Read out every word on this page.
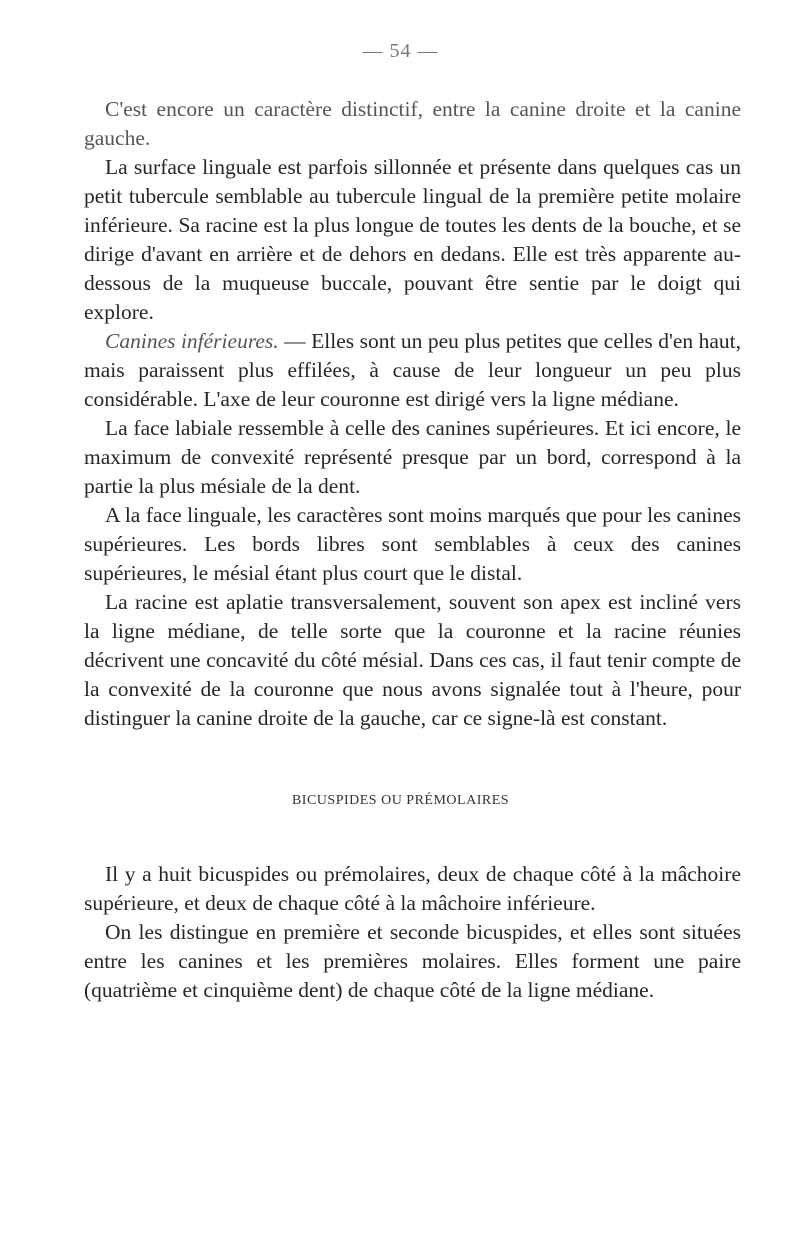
— 54 —

C'est encore un caractère distinctif, entre la canine droite et la canine gauche.

La surface linguale est parfois sillonnée et présente dans quelques cas un petit tubercule semblable au tubercule lingual de la première petite molaire inférieure. Sa racine est la plus longue de toutes les dents de la bouche, et se dirige d'avant en arrière et de dehors en dedans. Elle est très apparente au-dessous de la muqueuse buccale, pouvant être sentie par le doigt qui explore.

Canines inférieures. — Elles sont un peu plus petites que celles d'en haut, mais paraissent plus effilées, à cause de leur longueur un peu plus considérable. L'axe de leur couronne est dirigé vers la ligne médiane.

La face labiale ressemble à celle des canines supérieures. Et ici encore, le maximum de convexité représenté presque par un bord, correspond à la partie la plus mésiale de la dent.

A la face linguale, les caractères sont moins marqués que pour les canines supérieures. Les bords libres sont semblables à ceux des canines supérieures, le mésial étant plus court que le distal.

La racine est aplatie transversalement, souvent son apex est incliné vers la ligne médiane, de telle sorte que la couronne et la racine réunies décrivent une concavité du côté mésial. Dans ces cas, il faut tenir compte de la convexité de la couronne que nous avons signalée tout à l'heure, pour distinguer la canine droite de la gauche, car ce signe-là est constant.

BICUSPIDES OU PRÉMOLAIRES

Il y a huit bicuspides ou prémolaires, deux de chaque côté à la mâchoire supérieure, et deux de chaque côté à la mâchoire inférieure.

On les distingue en première et seconde bicuspides, et elles sont situées entre les canines et les premières molaires. Elles forment une paire (quatrième et cinquième dent) de chaque côté de la ligne médiane.
